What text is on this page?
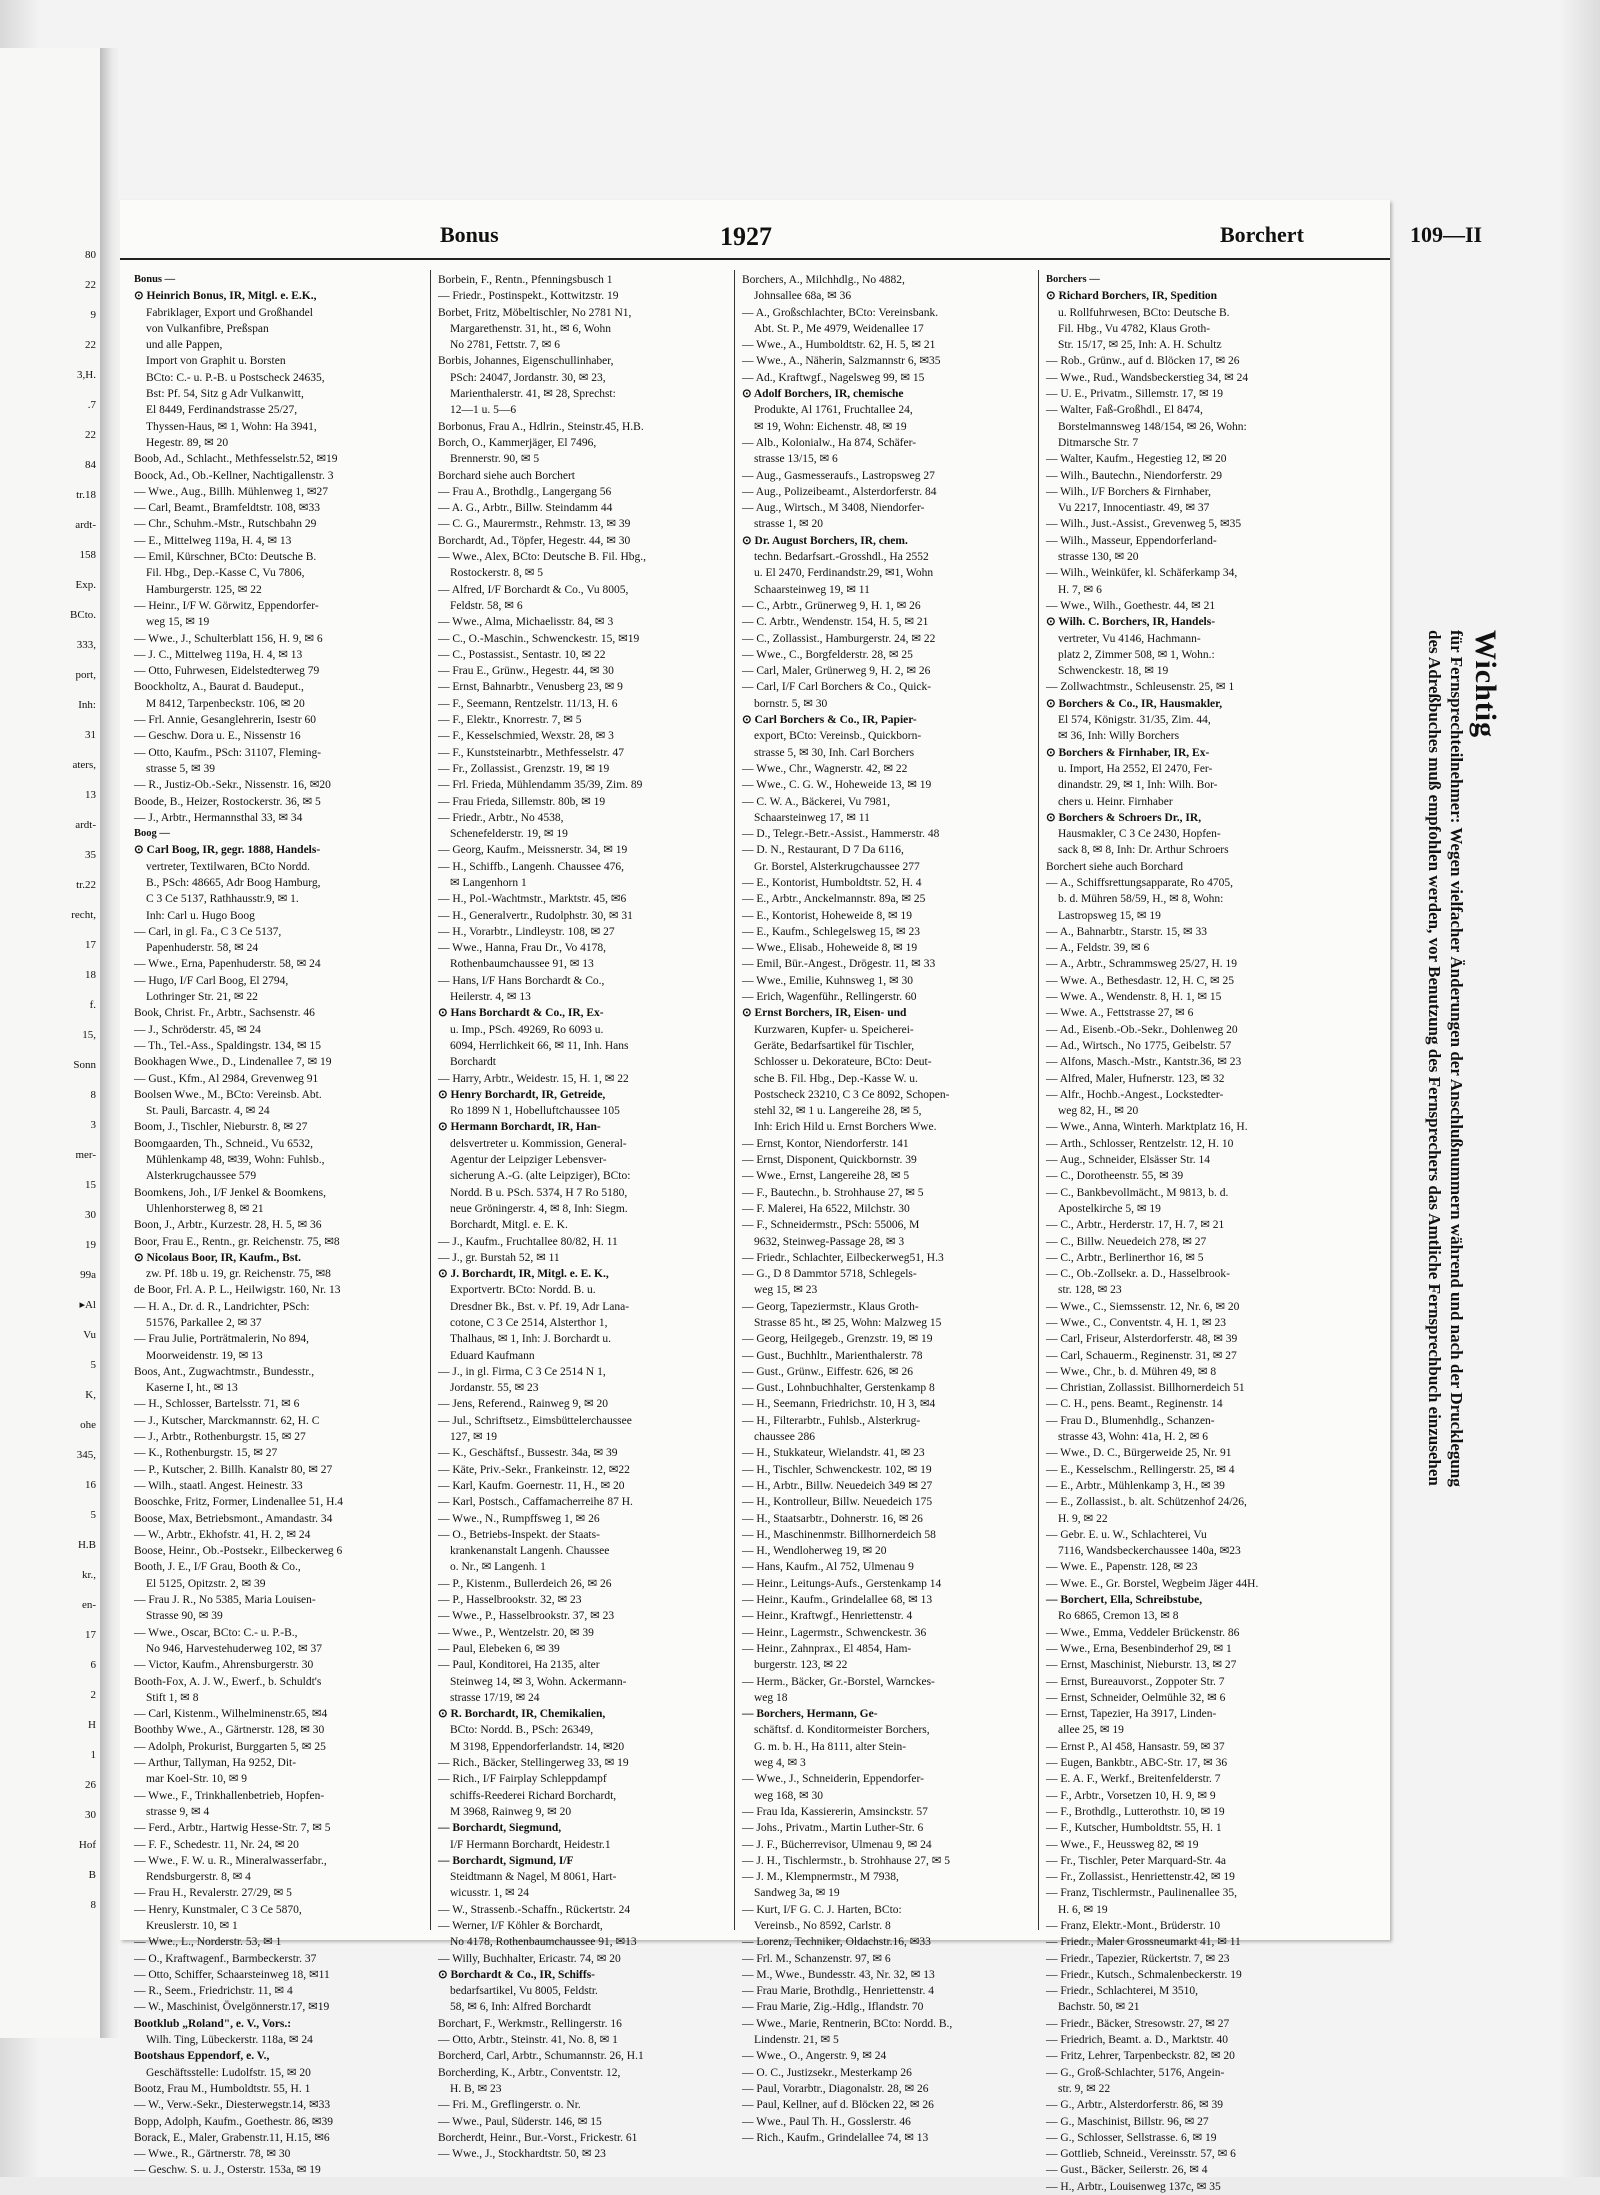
80
22
9
22
3,H.
.7
22
84
tr.18
ardt-
158
Exp.
BCto.
333,
port,
Inh:
31
aters,
13
ardt-
35
tr.22
recht,
17
18
f.
15,
Sonn
8
3
mer-
15
30
19
99a
▸Al
Vu
5
K,
ohe
345,
16
5
H.B
kr.,
en-
17
6
2
H
1
26
30
Hof
B
8
Bonus	1927	Borchert
Bonus —
⊙ Heinrich Bonus, IR, Mitgl. e. E.K.,
Fabriklager, Export und Großhandel
von Vulkanfibre, Preßspan
und alle Pappen,
Import von Graphit u. Borsten
BCto: C.- u. P.-B. u Postscheck 24635,
Bst: Pf. 54, Sitz g Adr Vulkanwitt,
El 8449, Ferdinandstrasse 25/27,
Thyssen-Haus, ✉ 1, Wohn: Ha 3941,
Hegestr. 89, ✉ 20
Boob, Ad., Schlacht., Methfesselstr.52, ✉19
Boock, Ad., Ob.-Kellner, Nachtigallenstr. 3
— Wwe., Aug., Billh. Mühlenweg 1, ✉27
— Carl, Beamt., Bramfeldtstr. 108, ✉33
— Chr., Schuhm.-Mstr., Rutschbahn 29
— E., Mittelweg 119a, H. 4, ✉ 13
— Emil, Kürschner, BCto: Deutsche B.
Fil. Hbg., Dep.-Kasse C, Vu 7806,
Hamburgerstr. 125, ✉ 22
— Heinr., I/F W. Görwitz, Eppendorfer-
weg 15, ✉ 19
— Wwe., J., Schulterblatt 156, H. 9, ✉ 6
— J. C., Mittelweg 119a, H. 4, ✉ 13
— Otto, Fuhrwesen, Eidelstedterweg 79
Boockholtz, A., Baurat d. Baudeput.,
M 8412, Tarpenbeckstr. 106, ✉ 20
— Frl. Annie, Gesanglehrerin, Isestr 60
— Geschw. Dora u. E., Nissenstr 16
— Otto, Kaufm., PSch: 31107, Fleming-
strasse 5, ✉ 39
— R., Justiz-Ob.-Sekr., Nissenstr. 16, ✉20
Boode, B., Heizer, Rostockerstr. 36, ✉ 5
— J., Arbtr., Hermannsthal 33, ✉ 34
Boog —
⊙ Carl Boog, IR, gegr. 1888, Handels-
vertreter, Textilwaren, BCto Nordd.
B., PSch: 48665, Adr Boog Hamburg,
C 3 Ce 5137, Rathhausstr.9, ✉ 1.
Inh: Carl u. Hugo Boog
— Carl, in gl. Fa., C 3 Ce 5137,
Papenhuderstr. 58, ✉ 24
— Wwe., Erna, Papenhuderstr. 58, ✉ 24
— Hugo, I/F Carl Boog, El 2794,
Lothringer Str. 21, ✉ 22
Book, Christ. Fr., Arbtr., Sachsenstr. 46
— J., Schröderstr. 45, ✉ 24
— Th., Tel.-Ass., Spaldingstr. 134, ✉ 15
Bookhagen Wwe., D., Lindenallee 7, ✉ 19
— Gust., Kfm., Al 2984, Grevenweg 91
Boolsen Wwe., M., BCto: Vereinsb. Abt.
St. Pauli, Barcastr. 4, ✉ 24
Boom, J., Tischler, Nieburstr. 8, ✉ 27
Boomgaarden, Th., Schneid., Vu 6532,
Mühlenkamp 48, ✉39, Wohn: Fuhlsb.,
Alsterkrugchaussee 579
Boomkens, Joh., I/F Jenkel & Boomkens,
Uhlenhorsterweg 8, ✉ 21
Boon, J., Arbtr., Kurzestr. 28, H. 5, ✉ 36
Boor, Frau E., Rentn., gr. Reichenstr. 75, ✉8
⊙ Nicolaus Boor, IR, Kaufm., Bst.
zw. Pf. 18b u. 19, gr. Reichenstr. 75, ✉8
de Boor, Frl. A. P. L., Heilwigstr. 160, Nr. 13
— H. A., Dr. d. R., Landrichter, PSch:
51576, Parkallee 2, ✉ 37
— Frau Julie, Porträtmalerin, No 894,
Moorweidenstr. 19, ✉ 13
Boos, Ant., Zugwachtmstr., Bundesstr.,
Kaserne I, ht., ✉ 13
— H., Schlosser, Bartelsstr. 71, ✉ 6
— J., Kutscher, Marckmannstr. 62, H. C
— J., Arbtr., Rothenburgstr. 15, ✉ 27
— K., Rothenburgstr. 15, ✉ 27
— P., Kutscher, 2. Billh. Kanalstr 80, ✉ 27
— Wilh., staatl. Angest. Heinestr. 33
Booschke, Fritz, Former, Lindenallee 51, H.4
Boose, Max, Betriebsmont., Amandastr. 34
— W., Arbtr., Ekhofstr. 41, H. 2, ✉ 24
Boose, Heinr., Ob.-Postsekr., Eilbeckerweg 6
Booth, J. E., I/F Grau, Booth & Co.,
El 5125, Opitzstr. 2, ✉ 39
— Frau J. R., No 5385, Maria Louisen-
Strasse 90, ✉ 39
— Wwe., Oscar, BCto: C.- u. P.-B.,
No 946, Harvestehuderweg 102, ✉ 37
— Victor, Kaufm., Ahrensburgerstr. 30
Booth-Fox, A. J. W., Ewerf., b. Schuldt's
Stift 1, ✉ 8
— Carl, Kistenm., Wilhelminenstr.65, ✉4
Boothby Wwe., A., Gärtnerstr. 128, ✉ 30
— Adolph, Prokurist, Burggarten 5, ✉ 25
— Arthur, Tallyman, Ha 9252, Dit-
mar Koel-Str. 10, ✉ 9
— Wwe., F., Trinkhallenbetrieb, Hopfen-
strasse 9, ✉ 4
— Ferd., Arbtr., Hartwig Hesse-Str. 7, ✉ 5
— F. F., Schedestr. 11, Nr. 24, ✉ 20
— Wwe., F. W. u. R., Mineralwasserfabr.,
Rendsburgerstr. 8, ✉ 4
— Frau H., Revalerstr. 27/29, ✉ 5
— Henry, Kunstmaler, C 3 Ce 5870,
Kreuslerstr. 10, ✉ 1
— Wwe., L., Norderstr. 53, ✉ 1
— O., Kraftwagenf., Barmbeckerstr. 37
— Otto, Schiffer, Schaarsteinweg 18, ✉11
— R., Seem., Friedrichstr. 11, ✉ 4
— W., Maschinist, Övelgönnerstr.17, ✉19
Bootklub „Roland", e. V., Vors.:
Wilh. Ting, Lübeckerstr. 118a, ✉ 24
Bootshaus Eppendorf, e. V.,
Geschäftsstelle: Ludolfstr. 15, ✉ 20
Bootz, Frau M., Humboldtstr. 55, H. 1
— W., Verw.-Sekr., Diesterwegstr.14, ✉33
Bopp, Adolph, Kaufm., Goethestr. 86, ✉39
Borack, E., Maler, Grabenstr.11, H.15, ✉6
— Wwe., R., Gärtnerstr. 78, ✉ 30
— Geschw. S. u. J., Osterstr. 153a, ✉ 19
Borbein, F., Rentn., Pfenningsbusch 1
— Friedr., Postinspekt., Kottwitzstr. 19
Borbet, Fritz, Möbeltischler, No 2781 N1,
Margarethenstr. 31, ht., ✉ 6, Wohn
No 2781, Fettstr. 7, ✉ 6
Borbis, Johannes, Eigenschullinhaber,
PSch: 24047, Jordanstr. 30, ✉ 23,
Marienthalerstr. 41, ✉ 28, Sprechst:
12—1 u. 5—6
Borbonus, Frau A., Hdlrin., Steinstr.45, H.B.
Borch, O., Kammerjäger, El 7496,
Brennerstr. 90, ✉ 5
Borchard siehe auch Borchert
— Frau A., Brothdlg., Langergang 56
— A. G., Arbtr., Billw. Steindamm 44
— C. G., Maurermstr., Rehmstr. 13, ✉ 39
Borchardt, Ad., Töpfer, Hegestr. 44, ✉ 30
— Wwe., Alex, BCto: Deutsche B. Fil. Hbg.,
Rostockerstr. 8, ✉ 5
— Alfred, I/F Borchardt & Co., Vu 8005,
Feldstr. 58, ✉ 6
— Wwe., Alma, Michaelisstr. 84, ✉ 3
— C., O.-Maschin., Schwenckestr. 15, ✉19
— C., Postassist., Sentastr. 10, ✉ 22
— Frau E., Grünw., Hegestr. 44, ✉ 30
— Ernst, Bahnarbtr., Venusberg 23, ✉ 9
— F., Seemann, Rentzelstr. 11/13, H. 6
— F., Elektr., Knorrestr. 7, ✉ 5
— F., Kesselschmied, Wexstr. 28, ✉ 3
— F., Kunststeinarbtr., Methfesselstr. 47
— Fr., Zollassist., Grenzstr. 19, ✉ 19
— Frl. Frieda, Mühlendamm 35/39, Zim. 89
— Frau Frieda, Sillemstr. 80b, ✉ 19
— Friedr., Arbtr., No 4538,
Schenefelderstr. 19, ✉ 19
— Georg, Kaufm., Meissnerstr. 34, ✉ 19
— H., Schiffb., Langenh. Chaussee 476,
✉ Langenhorn 1
— H., Pol.-Wachtmstr., Marktstr. 45, ✉6
— H., Generalvertr., Rudolphstr. 30, ✉ 31
— H., Vorarbtr., Lindleystr. 108, ✉ 27
— Wwe., Hanna, Frau Dr., Vo 4178,
Rothenbaumchaussee 91, ✉ 13
— Hans, I/F Hans Borchardt & Co.,
Heilerstr. 4, ✉ 13
⊙ Hans Borchardt & Co., IR, Ex-
u. Imp., PSch. 49269, Ro 6093 u.
6094, Herrlichkeit 66, ✉ 11, Inh. Hans
Borchardt
— Harry, Arbtr., Weidestr. 15, H. 1, ✉ 22
⊙ Henry Borchardt, IR, Getreide,
Ro 1899 N 1, Hobelluftchaussee 105
⊙ Hermann Borchardt, IR, Han-
delsvertreter u. Kommission, General-
Agentur der Leipziger Lebensver-
sicherung A.-G. (alte Leipziger), BCto:
Nordd. B u. PSch. 5374, H 7 Ro 5180,
neue Gröningerstr. 4, ✉ 8, Inh: Siegm.
Borchardt, Mitgl. e. E. K.
— J., Kaufm., Fruchtallee 80/82, H. 11
— J., gr. Burstah 52, ✉ 11
⊙ J. Borchardt, IR, Mitgl. e. E. K.,
Exportvertr. BCto: Nordd. B. u.
Dresdner Bk., Bst. v. Pf. 19, Adr Lana-
cotone, C 3 Ce 2514, Alsterthor 1,
Thalhaus, ✉ 1, Inh: J. Borchardt u.
Eduard Kaufmann
— J., in gl. Firma, C 3 Ce 2514 N 1,
Jordanstr. 55, ✉ 23
— Jens, Referend., Rainweg 9, ✉ 20
— Jul., Schriftsetz., Eimsbüttelerchaussee
127, ✉ 19
— K., Geschäftsf., Bussestr. 34a, ✉ 39
— Käte, Priv.-Sekr., Frankeinstr. 12, ✉22
— Karl, Kaufm. Goernestr. 11, H., ✉ 20
— Karl, Postsch., Caffamacherreihe 87 H.
— Wwe., N., Rumpffsweg 1, ✉ 26
— O., Betriebs-Inspekt. der Staats-
krankenanstalt Langenh. Chaussee
o. Nr., ✉ Langenh. 1
— P., Kistenm., Bullerdeich 26, ✉ 26
— P., Hasselbrookstr. 32, ✉ 23
— Wwe., P., Hasselbrookstr. 37, ✉ 23
— Wwe., P., Wentzelstr. 20, ✉ 39
— Paul, Elebeken 6, ✉ 39
— Paul, Konditorei, Ha 2135, alter
Steinweg 14, ✉ 3, Wohn. Ackermann-
strasse 17/19, ✉ 24
⊙ R. Borchardt, IR, Chemikalien,
BCto: Nordd. B., PSch: 26349,
M 3198, Eppendorferlandstr. 14, ✉20
— Rich., Bäcker, Stellingerweg 33, ✉ 19
— Rich., I/F Fairplay Schleppdampf
schiffs-Reederei Richard Borchardt,
M 3968, Rainweg 9, ✉ 20
— Borchardt, Siegmund,
I/F Hermann Borchardt, Heidestr.1
— Borchardt, Sigmund, I/F
Steidtmann & Nagel, M 8061, Hart-
wicusstr. 1, ✉ 24
— W., Strassenb.-Schaffn., Rückertstr. 24
— Werner, I/F Köhler & Borchardt,
No 4178, Rothenbaumchaussee 91, ✉13
— Willy, Buchhalter, Ericastr. 74, ✉ 20
⊙ Borchardt & Co., IR, Schiffs-
bedarfsartikel, Vu 8005, Feldstr.
58, ✉ 6, Inh: Alfred Borchardt
Borchart, F., Werkmstr., Rellingerstr. 16
— Otto, Arbtr., Steinstr. 41, No. 8, ✉ 1
Borcherd, Carl, Arbtr., Schumannstr. 26, H.1
Borcherding, K., Arbtr., Conventstr. 12,
H. B, ✉ 23
— Fri. M., Greflingerstr. o. Nr.
— Wwe., Paul, Süderstr. 146, ✉ 15
Borcherdt, Heinr., Bur.-Vorst., Frickestr. 61
— Wwe., J., Stockhardtstr. 50, ✉ 23
Borchers, A., Milchhdlg., No 4882,
Johnsallee 68a, ✉ 36
— A., Großschlachter, BCto: Vereinsbank.
Abt. St. P., Me 4979, Weidenallee 17
— Wwe., A., Humboldtstr. 62, H. 5, ✉ 21
— Wwe., A., Näherin, Salzmannstr 6, ✉35
— Ad., Kraftwgf., Nagelsweg 99, ✉ 15
⊙ Adolf Borchers, IR, chemische
Produkte, Al 1761, Fruchtallee 24,
✉ 19, Wohn: Eichenstr. 48, ✉ 19
— Alb., Kolonialw., Ha 874, Schäfer-
strasse 13/15, ✉ 6
— Aug., Gasmesseraufs., Lastropsweg 27
— Aug., Polizeibeamt., Alsterdorferstr. 84
— Aug., Wirtsch., M 3408, Niendorfer-
strasse 1, ✉ 20
⊙ Dr. August Borchers, IR, chem.
techn. Bedarfsart.-Grosshdl., Ha 2552
u. El 2470, Ferdinandstr.29, ✉1, Wohn
Schaarsteinweg 19, ✉ 11
— C., Arbtr., Grünerweg 9, H. 1, ✉ 26
— C. Arbtr., Wendenstr. 154, H. 5, ✉ 21
— C., Zollassist., Hamburgerstr. 24, ✉ 22
— Wwe., C., Borgfelderstr. 28, ✉ 25
— Carl, Maler, Grünerweg 9, H. 2, ✉ 26
— Carl, I/F Carl Borchers & Co., Quick-
bornstr. 5, ✉ 30
⊙ Carl Borchers & Co., IR, Papier-
export, BCto: Vereinsb., Quickborn-
strasse 5, ✉ 30, Inh. Carl Borchers
— Wwe., Chr., Wagnerstr. 42, ✉ 22
— Wwe., C. G. W., Hoheweide 13, ✉ 19
— C. W. A., Bäckerei, Vu 7981,
Schaarsteinweg 17, ✉ 11
— D., Telegr.-Betr.-Assist., Hammerstr. 48
— D. N., Restaurant, D 7 Da 6116,
Gr. Borstel, Alsterkrugchaussee 277
— E., Kontorist, Humboldtstr. 52, H. 4
— E., Arbtr., Anckelmannstr. 89a, ✉ 25
— E., Kontorist, Hoheweide 8, ✉ 19
— E., Kaufm., Schlegelsweg 15, ✉ 23
— Wwe., Elisab., Hoheweide 8, ✉ 19
— Emil, Bür.-Angest., Drögestr. 11, ✉ 33
— Wwe., Emilie, Kuhnsweg 1, ✉ 30
— Erich, Wagenführ., Rellingerstr. 60
⊙ Ernst Borchers, IR, Eisen- und
Kurzwaren, Kupfer- u. Speicherei-
Geräte, Bedarfsartikel für Tischler,
Schlosser u. Dekorateure, BCto: Deut-
sche B. Fil. Hbg., Dep.-Kasse W. u.
Postscheck 23210, C 3 Ce 8092, Schopen-
stehl 32, ✉ 1 u. Langereihe 28, ✉ 5,
Inh: Erich Hild u. Ernst Borchers Wwe.
— Ernst, Kontor, Niendorferstr. 141
— Ernst, Disponent, Quickbornstr. 39
— Wwe., Ernst, Langereihe 28, ✉ 5
— F., Bautechn., b. Strohhause 27, ✉ 5
— F. Malerei, Ha 6522, Milchstr. 30
— F., Schneidermstr., PSch: 55006, M
9632, Steinweg-Passage 28, ✉ 3
— Friedr., Schlachter, Eilbeckerweg51, H.3
— G., D 8 Dammtor 5718, Schlegels-
weg 15, ✉ 23
— Georg, Tapeziermstr., Klaus Groth-
Strasse 85 ht., ✉ 25, Wohn: Malzweg 15
— Georg, Heilgegeb., Grenzstr. 19, ✉ 19
— Gust., Buchhltr., Marienthalerstr. 78
— Gust., Grünw., Eiffestr. 626, ✉ 26
— Gust., Lohnbuchhalter, Gerstenkamp 8
— H., Seemann, Friedrichstr. 10, H 3, ✉4
— H., Filterarbtr., Fuhlsb., Alsterkrug-
chaussee 286
— H., Stukkateur, Wielandstr. 41, ✉ 23
— H., Tischler, Schwenckestr. 102, ✉ 19
— H., Arbtr., Billw. Neuedeich 349 ✉ 27
— H., Kontrolleur, Billw. Neuedeich 175
— H., Staatsarbtr., Dohnerstr. 16, ✉ 26
— H., Maschinenmstr. Billhornerdeich 58
— H., Wendloherweg 19, ✉ 20
— Hans, Kaufm., Al 752, Ulmenau 9
— Heinr., Leitungs-Aufs., Gerstenkamp 14
— Heinr., Kaufm., Grindelallee 68, ✉ 13
— Heinr., Kraftwgf., Henriettenstr. 4
— Heinr., Lagermstr., Schwenckestr. 36
— Heinr., Zahnprax., El 4854, Ham-
burgerstr. 123, ✉ 22
— Herm., Bäcker, Gr.-Borstel, Warnckes-
weg 18
— Borchers, Hermann, Ge-
schäftsf. d. Konditormeister Borchers,
G. m. b. H., Ha 8111, alter Stein-
weg 4, ✉ 3
— Wwe., J., Schneiderin, Eppendorfer-
weg 168, ✉ 30
— Frau Ida, Kassiererin, Amsinckstr. 57
— Johs., Privatm., Martin Luther-Str. 6
— J. F., Bücherrevisor, Ulmenau 9, ✉ 24
— J. H., Tischlermstr., b. Strohhause 27, ✉ 5
— J. M., Klempnermstr., M 7938,
Sandweg 3a, ✉ 19
— Kurt, I/F G. C. J. Harten, BCto:
Vereinsb., No 8592, Carlstr. 8
— Lorenz, Techniker, Oldachstr.16, ✉33
— Frl. M., Schanzenstr. 97, ✉ 6
— M., Wwe., Bundesstr. 43, Nr. 32, ✉ 13
— Frau Marie, Brothdlg., Henriettenstr. 4
— Frau Marie, Zig.-Hdlg., Iflandstr. 70
— Wwe., Marie, Rentnerin, BCto: Nordd. B.,
Lindenstr. 21, ✉ 5
— Wwe., O., Angerstr. 9, ✉ 24
— O. C., Justizsekr., Mesterkamp 26
— Paul, Vorarbtr., Diagonalstr. 28, ✉ 26
— Paul, Kellner, auf d. Blöcken 22, ✉ 26
— Wwe., Paul Th. H., Gosslerstr. 46
— Rich., Kaufm., Grindelallee 74, ✉ 13
Borchers —
⊙ Richard Borchers, IR, Spedition
u. Rollfuhrwesen, BCto: Deutsche B.
Fil. Hbg., Vu 4782, Klaus Groth-
Str. 15/17, ✉ 25, Inh: A. H. Schultz
— Rob., Grünw., auf d. Blöcken 17, ✉ 26
— Wwe., Rud., Wandsbeckerstieg 34, ✉ 24
— U. E., Privatm., Sillemstr. 17, ✉ 19
— Walter, Faß-Großhdl., El 8474,
Borstelmannsweg 148/154, ✉ 26, Wohn:
Ditmarsche Str. 7
— Walter, Kaufm., Hegestieg 12, ✉ 20
— Wilh., Bautechn., Niendorferstr. 29
— Wilh., I/F Borchers & Firnhaber,
Vu 2217, Innocentiastr. 49, ✉ 37
— Wilh., Just.-Assist., Grevenweg 5, ✉35
— Wilh., Masseur, Eppendorferland-
strasse 130, ✉ 20
— Wilh., Weinküfer, kl. Schäferkamp 34,
H. 7, ✉ 6
— Wwe., Wilh., Goethestr. 44, ✉ 21
⊙ Wilh. C. Borchers, IR, Handels-
vertreter, Vu 4146, Hachmann-
platz 2, Zimmer 508, ✉ 1, Wohn.:
Schwenckestr. 18, ✉ 19
— Zollwachtmstr., Schleusenstr. 25, ✉ 1
⊙ Borchers & Co., IR, Hausmakler,
El 574, Königstr. 31/35, Zim. 44,
✉ 36, Inh: Willy Borchers
⊙ Borchers & Firnhaber, IR, Ex-
u. Import, Ha 2552, El 2470, Fer-
dinandstr. 29, ✉ 1, Inh: Wilh. Bor-
chers u. Heinr. Firnhaber
⊙ Borchers & Schroers Dr., IR,
Hausmakler, C 3 Ce 2430, Hopfen-
sack 8, ✉ 8, Inh: Dr. Arthur Schroers
Borchert siehe auch Borchard
— A., Schiffsrettungsapparate, Ro 4705,
b. d. Mühren 58/59, H., ✉ 8, Wohn:
Lastropsweg 15, ✉ 19
— A., Bahnarbtr., Starstr. 15, ✉ 33
— A., Feldstr. 39, ✉ 6
— A., Arbtr., Schrammsweg 25/27, H. 19
— Wwe. A., Bethesdastr. 12, H. C, ✉ 25
— Wwe. A., Wendenstr. 8, H. 1, ✉ 15
— Wwe. A., Fettstrasse 27, ✉ 6
— Ad., Eisenb.-Ob.-Sekr., Dohlenweg 20
— Ad., Wirtsch., No 1775, Geibelstr. 57
— Alfons, Masch.-Mstr., Kantstr.36, ✉ 23
— Alfred, Maler, Hufnerstr. 123, ✉ 32
— Alfr., Hochb.-Angest., Lockstedter-
weg 82, H., ✉ 20
— Wwe., Anna, Winterh. Marktplatz 16, H.
— Arth., Schlosser, Rentzelstr. 12, H. 10
— Aug., Schneider, Elsässer Str. 14
— C., Dorotheenstr. 55, ✉ 39
— C., Bankbevollmächt., M 9813, b. d.
Apostelkirche 5, ✉ 19
— C., Arbtr., Herderstr. 17, H. 7, ✉ 21
— C., Billw. Neuedeich 278, ✉ 27
— C., Arbtr., Berlinerthor 16, ✉ 5
— C., Ob.-Zollsekr. a. D., Hasselbrook-
str. 128, ✉ 23
— Wwe., C., Siemssenstr. 12, Nr. 6, ✉ 20
— Wwe., C., Conventstr. 4, H. 1, ✉ 23
— Carl, Friseur, Alsterdorferstr. 48, ✉ 39
— Carl, Schauerm., Reginenstr. 31, ✉ 27
— Wwe., Chr., b. d. Mühren 49, ✉ 8
— Christian, Zollassist. Billhornerdeich 51
— C. H., pens. Beamt., Reginenstr. 14
— Frau D., Blumenhdlg., Schanzen-
strasse 43, Wohn: 41a, H. 2, ✉ 6
— Wwe., D. C., Bürgerweide 25, Nr. 91
— E., Kesselschm., Rellingerstr. 25, ✉ 4
— E., Arbtr., Mühlenkamp 3, H., ✉ 39
— E., Zollassist., b. alt. Schützenhof 24/26,
H. 9, ✉ 22
— Gebr. E. u. W., Schlachterei, Vu
7116, Wandsbeckerchaussee 140a, ✉23
— Wwe. E., Papenstr. 128, ✉ 23
— Wwe. E., Gr. Borstel, Wegbeim Jäger 44H.
— Borchert, Ella, Schreibstube,
Ro 6865, Cremon 13, ✉ 8
— Wwe., Emma, Veddeler Brückenstr. 86
— Wwe., Erna, Besenbinderhof 29, ✉ 1
— Ernst, Maschinist, Nieburstr. 13, ✉ 27
— Ernst, Bureauvorst., Zoppoter Str. 7
— Ernst, Schneider, Oelmühle 32, ✉ 6
— Ernst, Tapezier, Ha 3917, Linden-
allee 25, ✉ 19
— Ernst P., Al 458, Hansastr. 59, ✉ 37
— Eugen, Bankbtr., ABC-Str. 17, ✉ 36
— E. A. F., Werkf., Breitenfelderstr. 7
— F., Arbtr., Vorsetzen 10, H. 9, ✉ 9
— F., Brothdlg., Lutterothstr. 10, ✉ 19
— F., Kutscher, Humboldtstr. 55, H. 1
— Wwe., F., Heussweg 82, ✉ 19
— Fr., Tischler, Peter Marquard-Str. 4a
— Fr., Zollassist., Henriettenstr.42, ✉ 19
— Franz, Tischlermstr., Paulinenallee 35,
H. 6, ✉ 19
— Franz, Elektr.-Mont., Brüderstr. 10
— Friedr., Maler Grossneumarkt 41, ✉ 11
— Friedr., Tapezier, Rückertstr. 7, ✉ 23
— Friedr., Kutsch., Schmalenbeckerstr. 19
— Friedr., Schlachterei, M 3510,
Bachstr. 50, ✉ 21
— Friedr., Bäcker, Stresowstr. 27, ✉ 27
— Friedrich, Beamt. a. D., Marktstr. 40
— Fritz, Lehrer, Tarpenbeckstr. 82, ✉ 20
— G., Groß-Schlachter, 5176, Angein-
str. 9, ✉ 22
— G., Arbtr., Alsterdorferstr. 86, ✉ 39
— G., Maschinist, Billstr. 96, ✉ 27
— G., Schlosser, Sellstrasse. 6, ✉ 19
— Gottlieb, Schneid., Vereinsstr. 57, ✉ 6
— Gust., Bäcker, Seilerstr. 26, ✉ 4
— H., Arbtr., Louisenweg 137c, ✉ 35
Wichtig
für Fernsprechteilnehmer: Wegen vielfacher Änderungen der Anschlußnummern während und nach der Drucklegung
des Adreßbuches muß empfohlen werden, vor Benutzung des Fernsprechers das Amtliche Fernsprechbuch einzusehen
109—II
